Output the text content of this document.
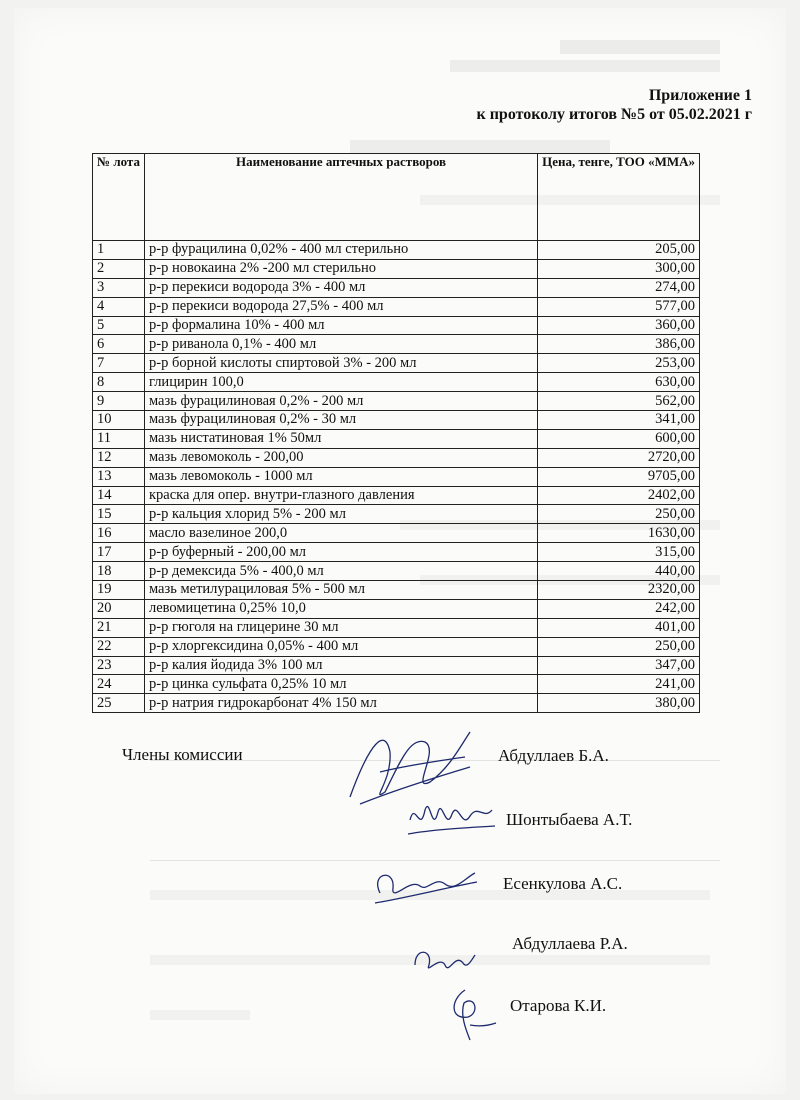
Приложение 1
к протоколу итогов №5 от 05.02.2021 г
№ лота	Наименование аптечных растворов	Цена, тенге, ТОО «ММА»
1	р-р фурацилина 0,02% - 400 мл стерильно	205,00
2	р-р новокаина 2% -200 мл стерильно	300,00
3	р-р перекиси водорода 3% - 400 мл	274,00
4	р-р перекиси водорода 27,5% - 400 мл	577,00
5	р-р формалина 10% - 400 мл	360,00
6	р-р риванола 0,1% - 400 мл	386,00
7	р-р борной кислоты спиртовой 3% - 200 мл	253,00
8	глицирин 100,0	630,00
9	мазь фурацилиновая 0,2% - 200 мл	562,00
10	мазь фурацилиновая 0,2% - 30 мл	341,00
11	мазь нистатиновая 1% 50мл	600,00
12	мазь левомоколь - 200,00	2720,00
13	мазь левомоколь - 1000 мл	9705,00
14	краска для опер. внутри-глазного давления	2402,00
15	р-р кальция хлорид 5% - 200 мл	250,00
16	масло вазелиное 200,0	1630,00
17	р-р буферный - 200,00 мл	315,00
18	р-р демексида 5% - 400,0 мл	440,00
19	мазь метилурациловая 5% - 500 мл	2320,00
20	левомицетина 0,25% 10,0	242,00
21	р-р гюголя на глицерине 30 мл	401,00
22	р-р хлоргексидина 0,05% - 400 мл	250,00
23	р-р калия йодида 3% 100 мл	347,00
24	р-р цинка сульфата 0,25% 10 мл	241,00
25	р-р натрия гидрокарбонат 4% 150 мл	380,00
Члены комиссии	Абдуллаев Б.А.
Шонтыбаева А.Т.
Есенкулова А.С.
Абдуллаева Р.А.
Отарова К.И.
